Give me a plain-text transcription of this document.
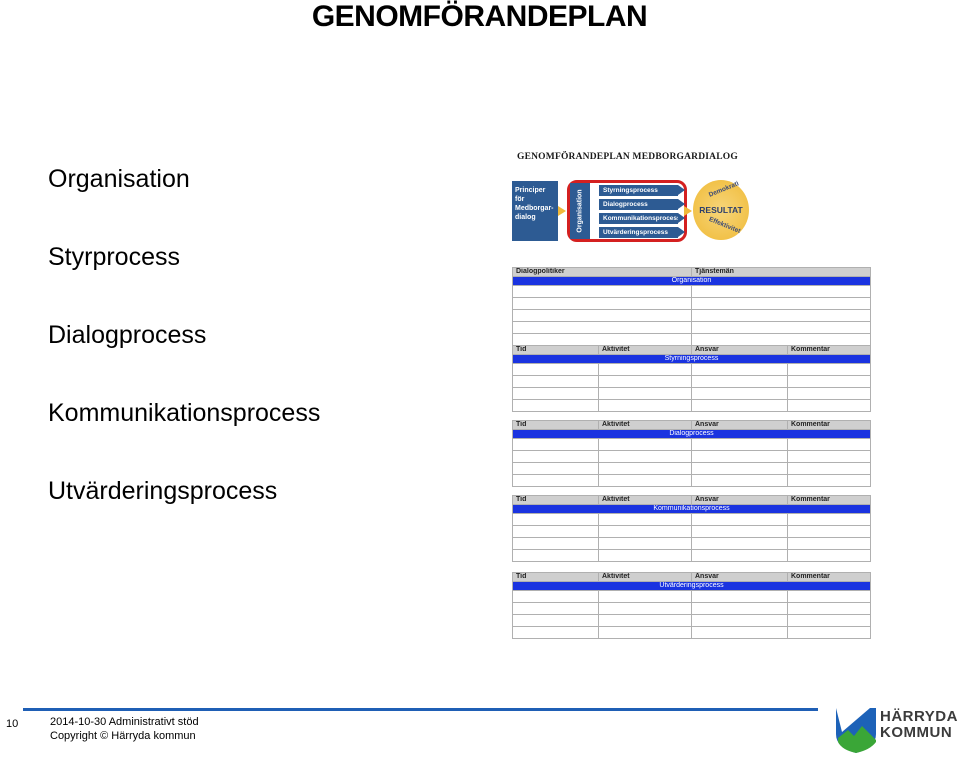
GENOMFÖRANDEPLAN
Organisation
Styrprocess
Dialogprocess
Kommunikationsprocess
Utvärderingsprocess
GENOMFÖRANDEPLAN MEDBORGARDIALOG
Principer för Medborgar-dialog	Organisation	Styrningsprocess
Dialogprocess
Kommunikationsprocess
Utvärderingsprocess
Demokrati
RESULTAT
Effektivitet
Dialogpolitiker		Tjänstemän	
Organisation			

Tid	Aktivitet	Ansvar	Kommentar
Styrningsprocess			

Tid	Aktivitet	Ansvar	Kommentar
Dialogprocess			

Tid	Aktivitet	Ansvar	Kommentar
Kommunikationsprocess			

Tid	Aktivitet	Ansvar	Kommentar
Utvärderingsprocess			

10	2014-10-30 Administrativt stöd
Copyright © Härryda kommun
HÄRRYDA
KOMMUN
